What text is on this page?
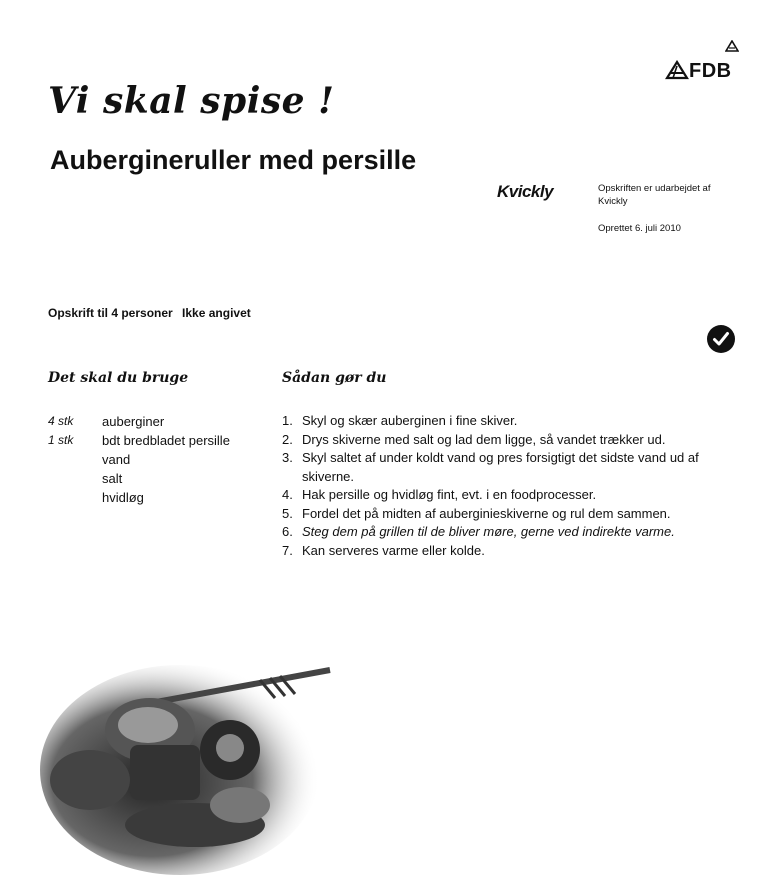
FDB
Vi skal spise !
Aubergineruller med persille
Kvickly	Opskriften er udarbejdet af
Kvickly
Oprettet 6. juli 2010
Opskrift til 4 personer Ikke angivet
Det skal du bruge	Sådan gør du
4 stk	auberginer
1 stk	bdt bredbladet persille
vand
salt
hvidløg
1. Skyl og skær auberginen i fine skiver.
2. Drys skiverne med salt og lad dem ligge, så vandet trækker ud.
3. Skyl saltet af under koldt vand og pres forsigtigt det sidste vand ud af skiverne.
4. Hak persille og hvidløg fint, evt. i en foodprocesser.
5. Fordel det på midten af auberginieskiverne og rul dem sammen.
6. Steg dem på grillen til de bliver møre, gerne ved indirekte varme.
7. Kan serveres varme eller kolde.
